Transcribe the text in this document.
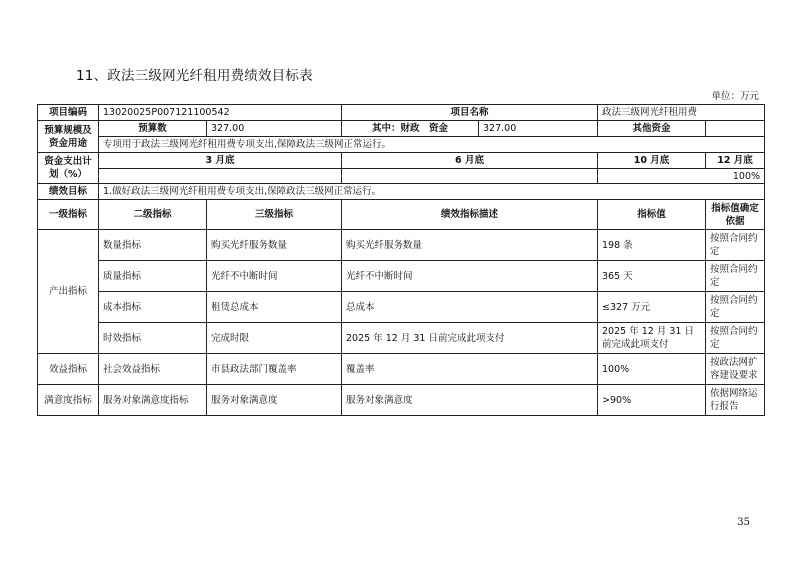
11、政法三级网光纤租用费绩效目标表
单位：万元
项目编码	13020025P007121100542		项目名称		政法三级网光纤租用费	
预算规模及资金用途	预算数	327.00	其中：财政　资金	327.00	其他资金	
	专项用于政法三级网光纤租用费专项支出,保障政法三级网正常运行。					
资金支出计划（%）	3 月底		6 月底		10 月底	12 月底
					100%	
绩效目标	1.做好政法三级网光纤租用费专项支出,保障政法三级网正常运行。					
一级指标	二级指标	三级指标	绩效指标描述		指标值	指标值确定依据
产出指标	数量指标	购买光纤服务数量	购买光纤服务数量		198 条	按照合同约定
	质量指标	光纤不中断时间	光纤不中断时间		365 天	按照合同约定
	成本指标	租赁总成本	总成本		≤327 万元	按照合同约定
	时效指标	完成时限	2025 年 12 月 31 日前完成此项支付		2025 年 12 月 31 日前完成此项支付	按照合同约定
效益指标	社会效益指标	市县政法部门覆盖率	覆盖率		100%	按政法网扩容建设要求
满意度指标	服务对象满意度指标	服务对象满意度	服务对象满意度		>90%	依据网络运行报告
35
